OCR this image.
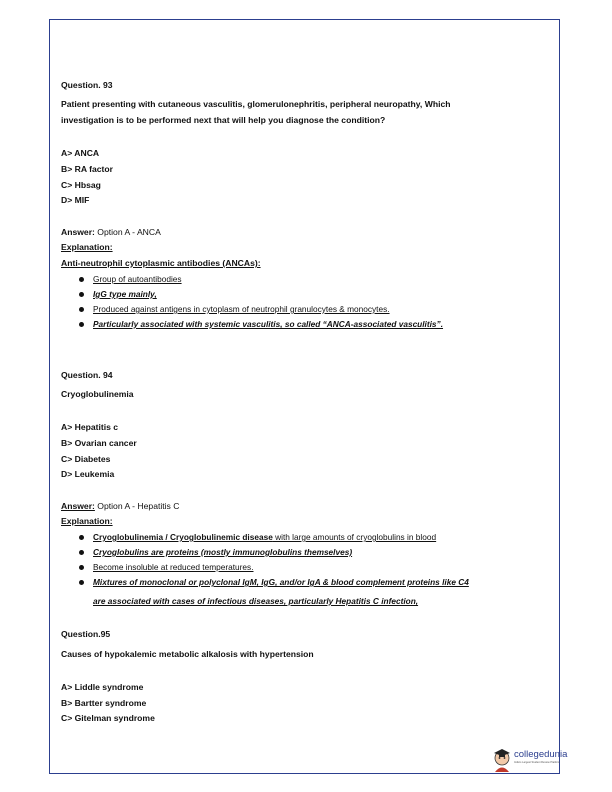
Question. 93
Patient presenting with cutaneous vasculitis, glomerulonephritis, peripheral neuropathy, Which
investigation is to be performed next that will help you diagnose the condition?
A> ANCA
B> RA factor
C> Hbsag
D> MIF
Answer: Option A - ANCA
Explanation:
Anti-neutrophil cytoplasmic antibodies (ANCAs):
Group of autoantibodies
IgG type mainly,
Produced against antigens in cytoplasm of neutrophil granulocytes & monocytes.
Particularly associated with systemic vasculitis, so called “ANCA-associated vasculitis”.
Question. 94
Cryoglobulinemia
A> Hepatitis c
B> Ovarian cancer
C> Diabetes
D> Leukemia
Answer: Option A - Hepatitis C
Explanation:
Cryoglobulinemia / Cryoglobulinemic disease with large amounts of cryoglobulins in blood
Cryoglobulins are proteins (mostly immunoglobulins themselves)
Become insoluble at reduced temperatures.
Mixtures of monoclonal or polyclonal IgM, IgG, and/or IgA & blood complement proteins like C4
are associated with cases of infectious diseases, particularly Hepatitis C infection,
Question.95
Causes of hypokalemic metabolic alkalosis with hypertension
A> Liddle syndrome
B> Bartter syndrome
C> Gitelman syndrome
collegedunia
India's Largest Student Review Platform
